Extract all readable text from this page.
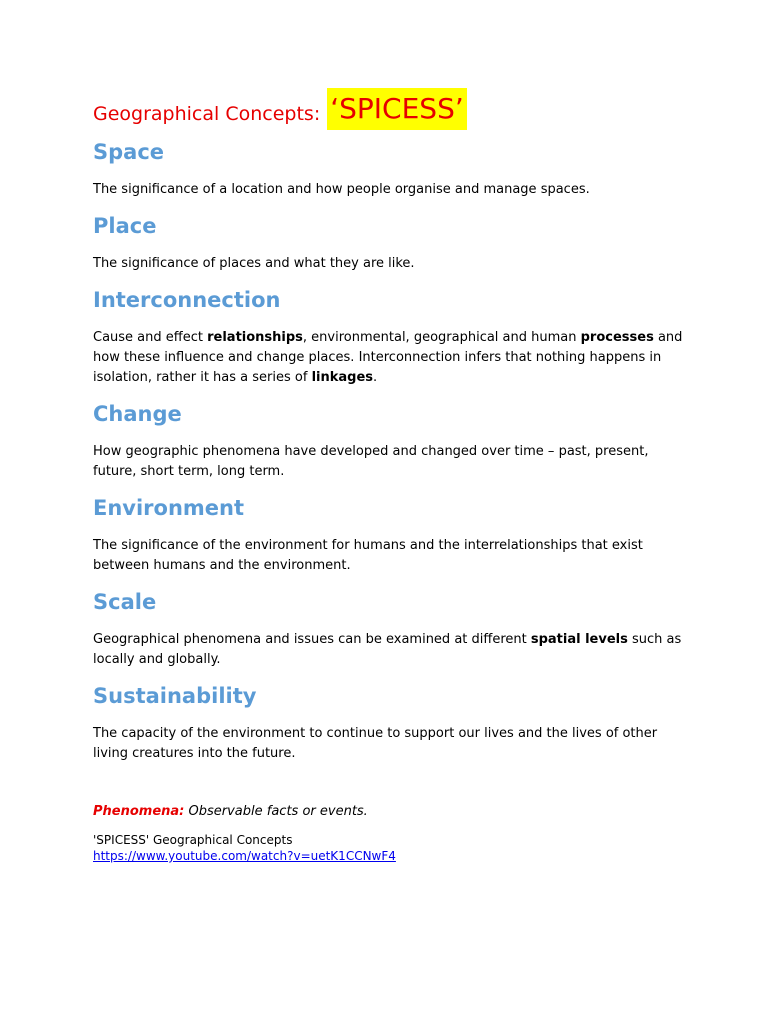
Geographical Concepts: ‘SPICESS’
Space

The significance of a location and how people organise and manage spaces.

Place

The significance of places and what they are like.

Interconnection

Cause and effect relationships, environmental, geographical and human processes and how these influence and change places. Interconnection infers that nothing happens in isolation, rather it has a series of linkages.

Change

How geographic phenomena have developed and changed over time – past, present, future, short term, long term.

Environment

The significance of the environment for humans and the interrelationships that exist between humans and the environment.

Scale

Geographical phenomena and issues can be examined at different spatial levels such as locally and globally.

Sustainability

The capacity of the environment to continue to support our lives and the lives of other living creatures into the future.

Phenomena: Observable facts or events.
'SPICESS' Geographical Concepts
https://www.youtube.com/watch?v=uetK1CCNwF4
